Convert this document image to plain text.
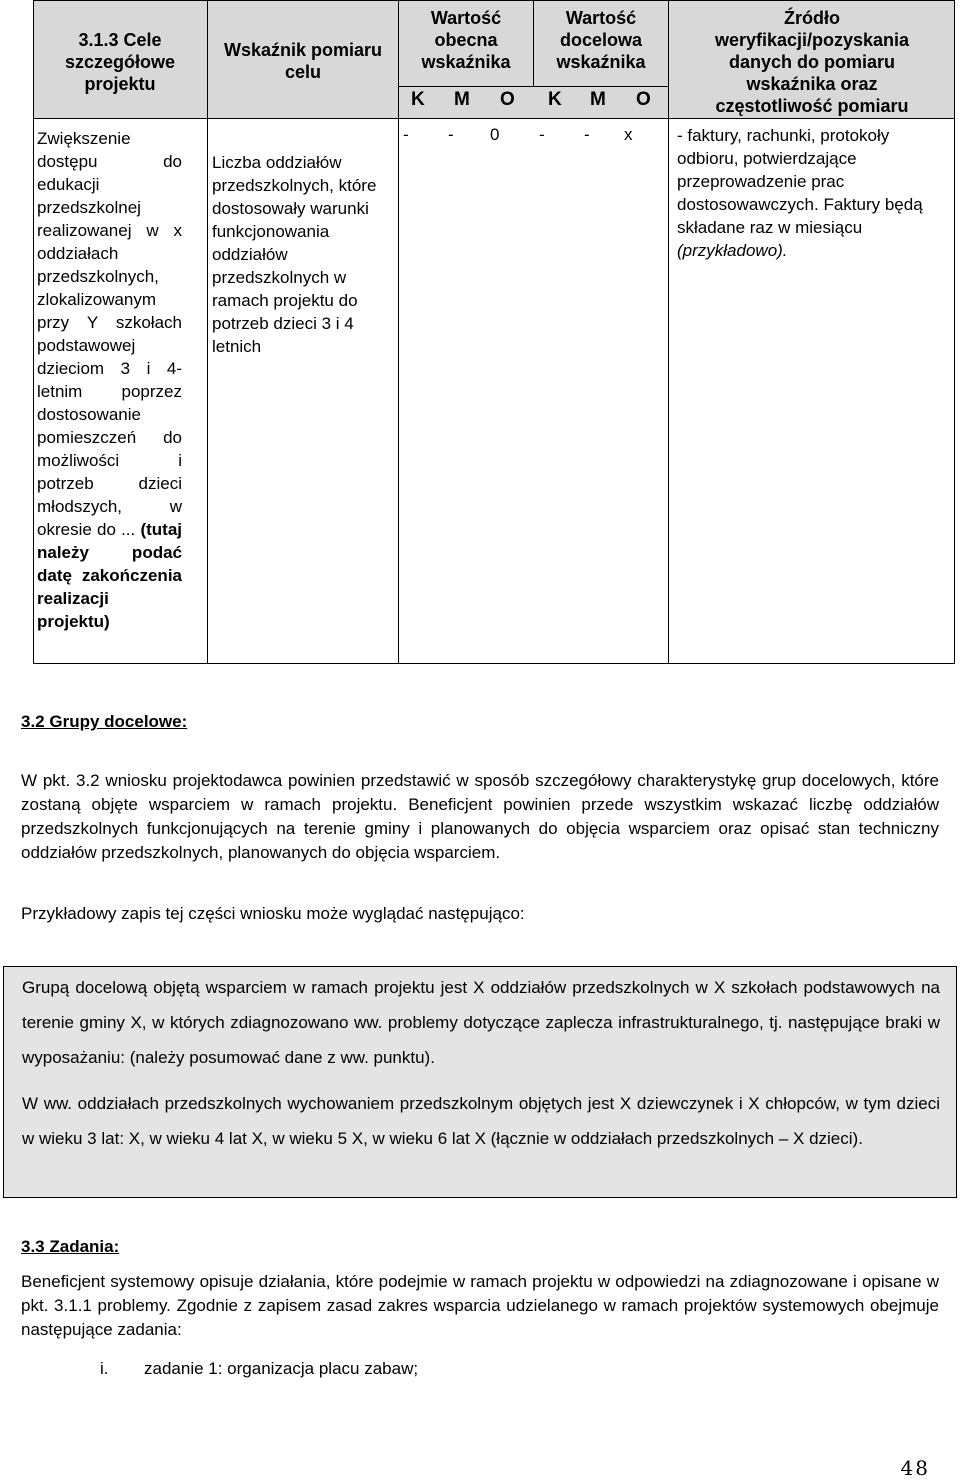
3.1.3 Cele szczegółowe projektu
Wskaźnik pomiaru celu
Wartość obecna wskaźnika
Wartość docelowa wskaźnika
Źródło weryfikacji/pozyskania danych do pomiaru wskaźnika oraz częstotliwość pomiaru
K M O K M O
Zwiększenie dostępu do edukacji przedszkolnej realizowanej w x oddziałach przedszkolnych, zlokalizowanym przy Y szkołach podstawowej dzieciom 3 i 4-letnim poprzez dostosowanie pomieszczeń do możliwości i potrzeb dzieci młodszych, w okresie do ... (tutaj należy podać datę zakończenia realizacji projektu)
Liczba oddziałów przedszkolnych, które dostosowały warunki funkcjonowania oddziałów przedszkolnych w ramach projektu do potrzeb dzieci 3 i 4 letnich
- - 0 - - x	- faktury, rachunki, protokoły odbioru, potwierdzające przeprowadzenie prac dostosowawczych. Faktury będą składane raz w miesiącu (przykładowo).
3.2 Grupy docelowe:
W pkt. 3.2 wniosku projektodawca powinien przedstawić w sposób szczegółowy charakterystykę grup docelowych, które zostaną objęte wsparciem w ramach projektu. Beneficjent powinien przede wszystkim wskazać liczbę oddziałów przedszkolnych funkcjonujących na terenie gminy i planowanych do objęcia wsparciem oraz opisać stan techniczny oddziałów przedszkolnych, planowanych do objęcia wsparciem.
Przykładowy zapis tej części wniosku może wyglądać następująco:
Grupą docelową objętą wsparciem w ramach projektu jest X oddziałów przedszkolnych w X szkołach podstawowych na terenie gminy X, w których zdiagnozowano ww. problemy dotyczące zaplecza infrastrukturalnego, tj. następujące braki w wyposażaniu: (należy posumować dane z ww. punktu).
W ww. oddziałach przedszkolnych wychowaniem przedszkolnym objętych jest X dziewczynek i X chłopców, w tym dzieci w wieku 3 lat: X, w wieku 4 lat X, w wieku 5 X, w wieku 6 lat X (łącznie w oddziałach przedszkolnych – X dzieci).
3.3 Zadania:
Beneficjent systemowy opisuje działania, które podejmie w ramach projektu w odpowiedzi na zdiagnozowane i opisane w pkt. 3.1.1 problemy. Zgodnie z zapisem zasad zakres wsparcia udzielanego w ramach projektów systemowych obejmuje następujące zadania:
i. zadanie 1: organizacja placu zabaw;
48
